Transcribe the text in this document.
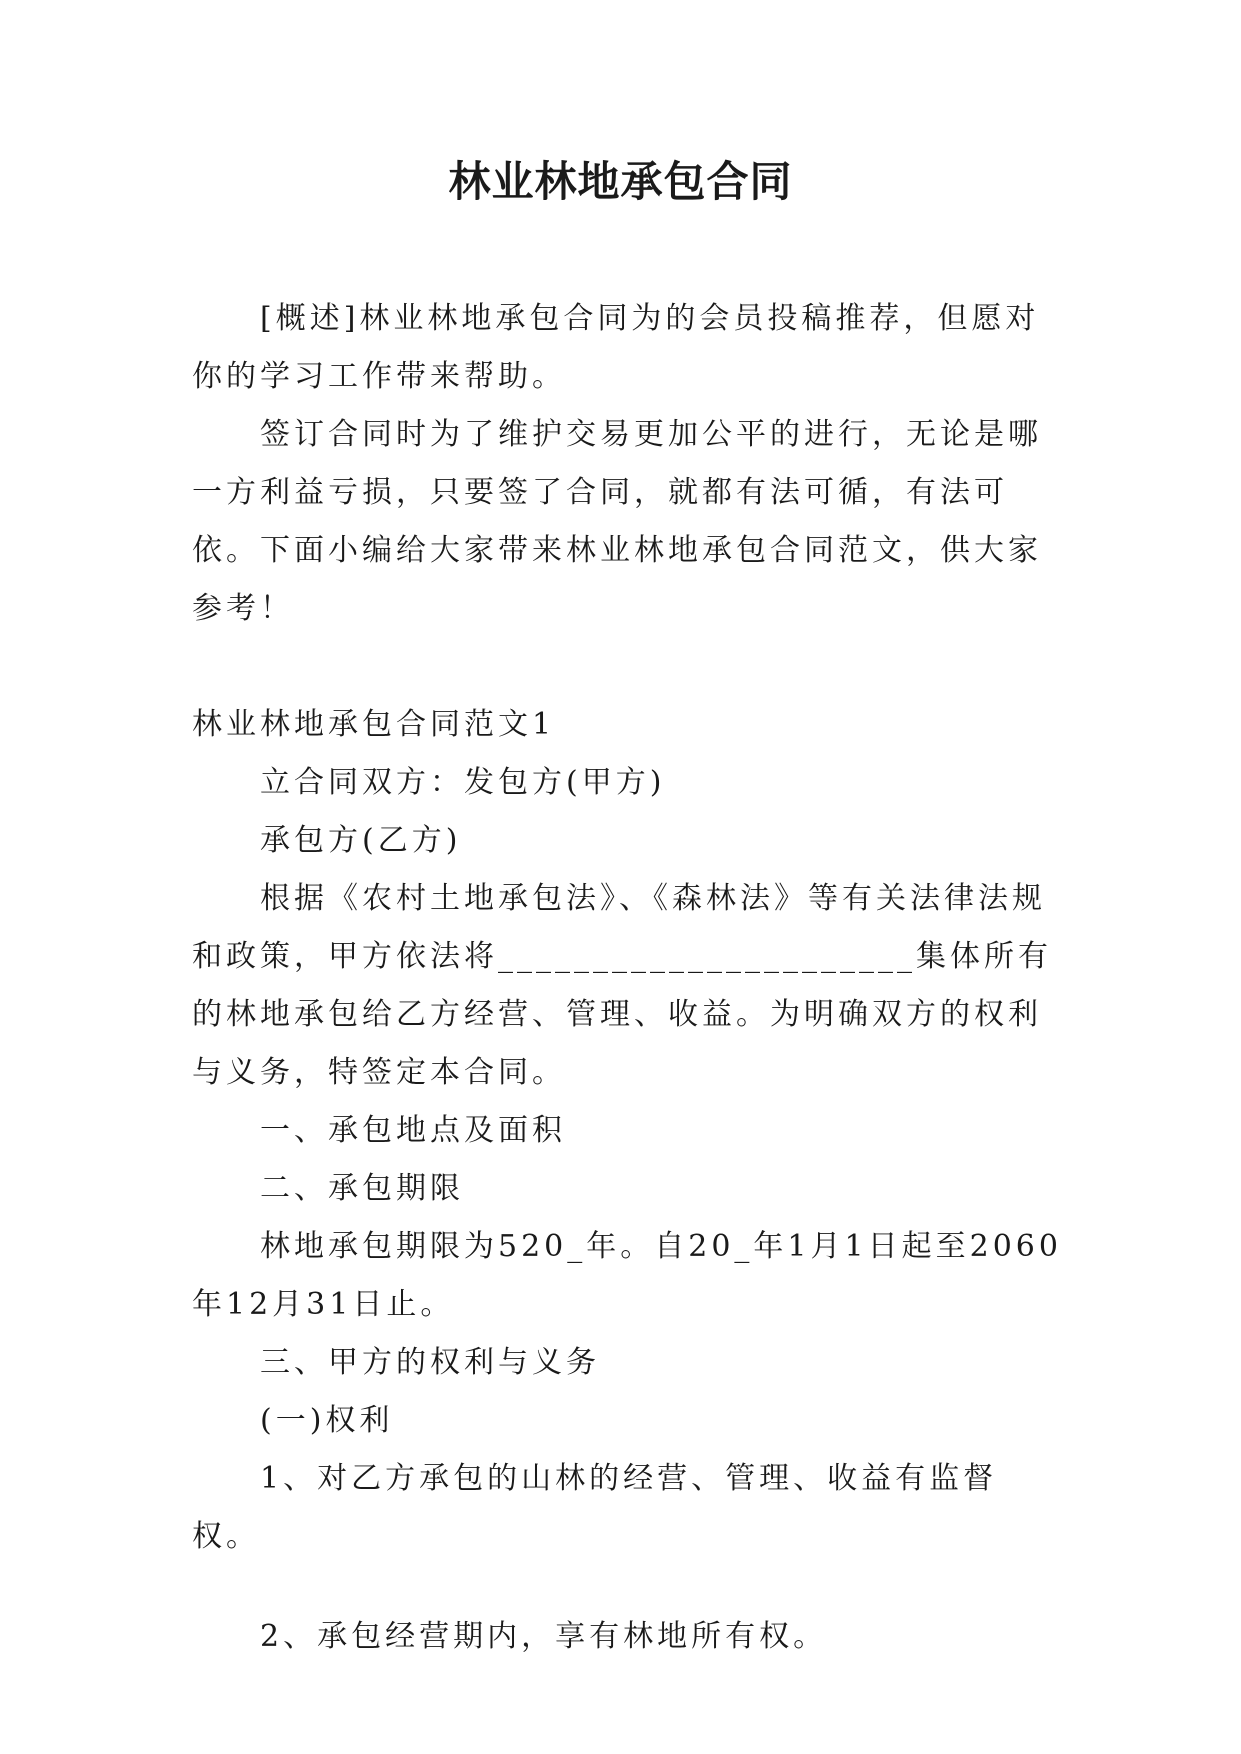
林业林地承包合同

[概述]林业林地承包合同为的会员投稿推荐，但愿对你的学习工作带来帮助。

签订合同时为了维护交易更加公平的进行，无论是哪一方利益亏损，只要签了合同，就都有法可循，有法可依。下面小编给大家带来林业林地承包合同范文，供大家参考！

林业林地承包合同范文1

立合同双方：发包方(甲方)

承包方(乙方)

根据《农村土地承包法》、《森林法》等有关法律法规和政策，甲方依法将______________________集体所有的林地承包给乙方经营、管理、收益。为明确双方的权利与义务，特签定本合同。

一、承包地点及面积

二、承包期限

林地承包期限为520_年。自20_年1月1日起至2060年12月31日止。

三、甲方的权利与义务

(一)权利

1、对乙方承包的山林的经营、管理、收益有监督权。

2、承包经营期内，享有林地所有权。
